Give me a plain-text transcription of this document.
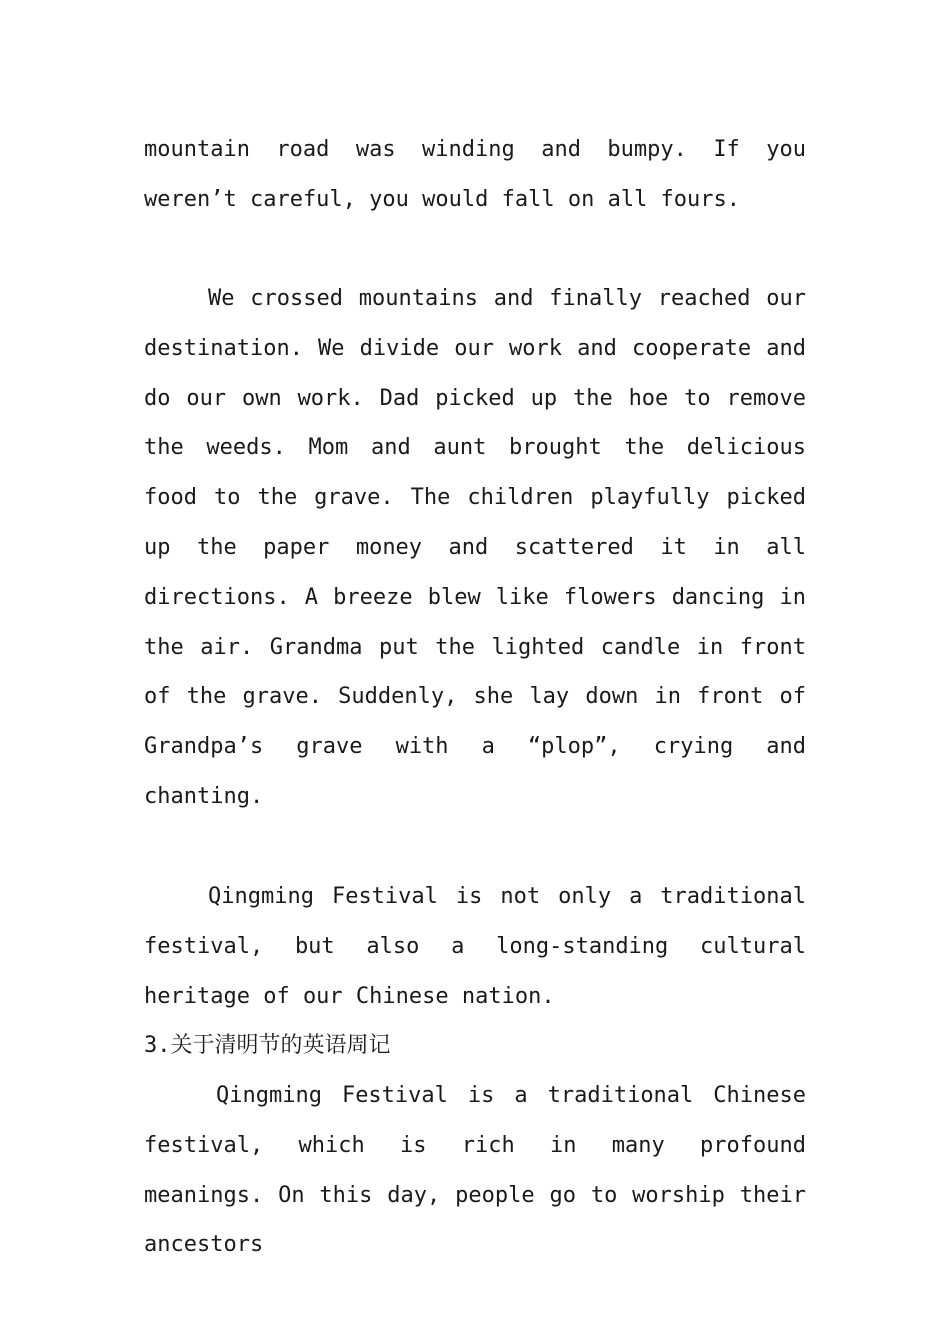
mountain road was winding and bumpy. If you weren’t careful, you would fall on all fours.

We crossed mountains and finally reached our destination. We divide our work and cooperate and do our own work. Dad picked up the hoe to remove the weeds. Mom and aunt brought the delicious food to the grave. The children playfully picked up the paper money and scattered it in all directions. A breeze blew like flowers dancing in the air. Grandma put the lighted candle in front of the grave. Suddenly, she lay down in front of Grandpa’s grave with a “plop”, crying and chanting.

Qingming Festival is not only a traditional festival, but also a long-standing cultural heritage of our Chinese nation.

3.关于清明节的英语周记

Qingming Festival is a traditional Chinese festival, which is rich in many profound meanings. On this day, people go to worship their ancestors
